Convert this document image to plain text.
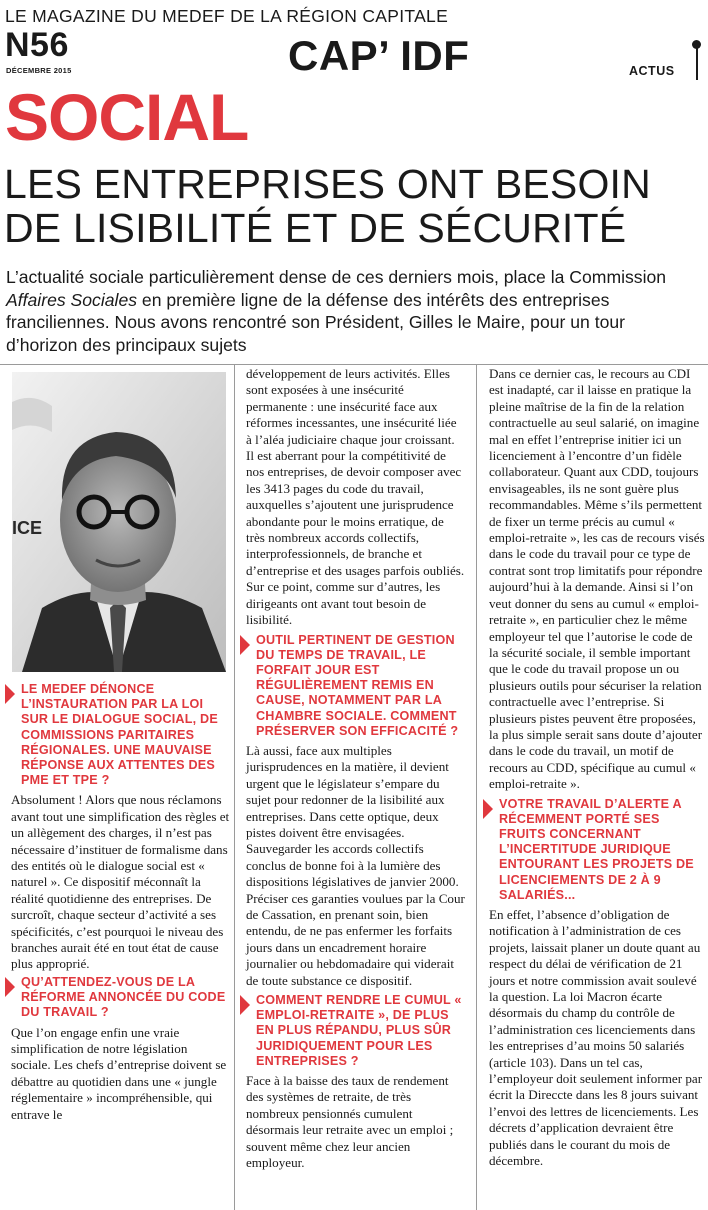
LE MAGAZINE DU MEDEF DE LA RÉGION CAPITALE
N56
DÉCEMBRE 2015	CAP’ IDF	ACTUS
SOCIAL
LES ENTREPRISES ONT BESOIN DE LISIBILITÉ ET DE SÉCURITÉ

L’actualité sociale particulièrement dense de ces derniers mois, place la Commission Affaires Sociales en première ligne de la défense des intérêts des entreprises franciliennes. Nous avons rencontré son Président, Gilles le Maire, pour un tour d’horizon des principaux sujets

ICE
LE MEDEF DÉNONCE L’INSTAURATION PAR LA LOI SUR LE DIALOGUE SOCIAL, DE COMMISSIONS PARITAIRES RÉGIONALES. UNE MAUVAISE RÉPONSE AUX ATTENTES DES PME ET TPE ?

Absolument ! Alors que nous réclamons avant tout une simplification des règles et un allègement des charges, il n’est pas nécessaire d’instituer de formalisme dans des entités où le dialogue social est « naturel ». Ce dispositif méconnaît la réalité quotidienne des entreprises. De surcroît, chaque secteur d’activité a ses spécificités, c’est pourquoi le niveau des branches aurait été en tout état de cause plus approprié.

QU’ATTENDEZ-VOUS DE LA RÉFORME ANNONCÉE DU CODE DU TRAVAIL ?

Que l’on engage enfin une vraie simplification de notre législation sociale. Les chefs d’entreprise doivent se débattre au quotidien dans une « jungle réglementaire » incompréhensible, qui entrave le

développement de leurs activités. Elles sont exposées à une insécurité permanente : une insécurité face aux réformes incessantes, une insécurité liée à l’aléa judiciaire chaque jour croissant. Il est aberrant pour la compétitivité de nos entreprises, de devoir composer avec les 3413 pages du code du travail, auxquelles s’ajoutent une jurisprudence abondante pour le moins erratique, de très nombreux accords collectifs, interprofessionnels, de branche et d’entreprise et des usages parfois oubliés. Sur ce point, comme sur d’autres, les dirigeants ont avant tout besoin de lisibilité.

OUTIL PERTINENT DE GESTION DU TEMPS DE TRAVAIL, LE FORFAIT JOUR EST RÉGULIÈREMENT REMIS EN CAUSE, NOTAMMENT PAR LA CHAMBRE SOCIALE. COMMENT PRÉSERVER SON EFFICACITÉ ?

Là aussi, face aux multiples jurisprudences en la matière, il devient urgent que le législateur s’empare du sujet pour redonner de la lisibilité aux entreprises. Dans cette optique, deux pistes doivent être envisagées. Sauvegarder les accords collectifs conclus de bonne foi à la lumière des dispositions législatives de janvier 2000. Préciser ces garanties voulues par la Cour de Cassation, en prenant soin, bien entendu, de ne pas enfermer les forfaits jours dans un encadrement horaire journalier ou hebdomadaire qui viderait de toute substance ce dispositif.

COMMENT RENDRE LE CUMUL « EMPLOI-RETRAITE », DE PLUS EN PLUS RÉPANDU, PLUS SÛR JURIDIQUEMENT POUR LES ENTREPRISES ?

Face à la baisse des taux de rendement des systèmes de retraite, de très nombreux pensionnés cumulent désormais leur retraite avec un emploi ; souvent même chez leur ancien employeur.

Dans ce dernier cas, le recours au CDI est inadapté, car il laisse en pratique la pleine maîtrise de la fin de la relation contractuelle au seul salarié, on imagine mal en effet l’entreprise initier ici un licenciement à l’encontre d’un fidèle collaborateur. Quant aux CDD, toujours envisageables, ils ne sont guère plus recommandables. Même s’ils permettent de fixer un terme précis au cumul « emploi-retraite », les cas de recours visés dans le code du travail pour ce type de contrat sont trop limitatifs pour répondre aujourd’hui à la demande. Ainsi si l’on veut donner du sens au cumul « emploi-retraite », en particulier chez le même employeur tel que l’autorise le code de la sécurité sociale, il semble important que le code du travail propose un ou plusieurs outils pour sécuriser la relation contractuelle avec l’entreprise. Si plusieurs pistes peuvent être proposées, la plus simple serait sans doute d’ajouter dans le code du travail, un motif de recours au CDD, spécifique au cumul « emploi-retraite ».

VOTRE TRAVAIL D’ALERTE A RÉCEMMENT PORTÉ SES FRUITS CONCERNANT L’INCERTITUDE JURIDIQUE ENTOURANT LES PROJETS DE LICENCIEMENTS DE 2 À 9 SALARIÉS...

En effet, l’absence d’obligation de notification à l’administration de ces projets, laissait planer un doute quant au respect du délai de vérification de 21 jours et notre commission avait soulevé la question. La loi Macron écarte désormais du champ du contrôle de l’administration ces licenciements dans les entreprises d’au moins 50 salariés (article 103). Dans un tel cas, l’employeur doit seulement informer par écrit la Direccte dans les 8 jours suivant l’envoi des lettres de licenciements. Les décrets d’application devraient être publiés dans le courant du mois de décembre.
